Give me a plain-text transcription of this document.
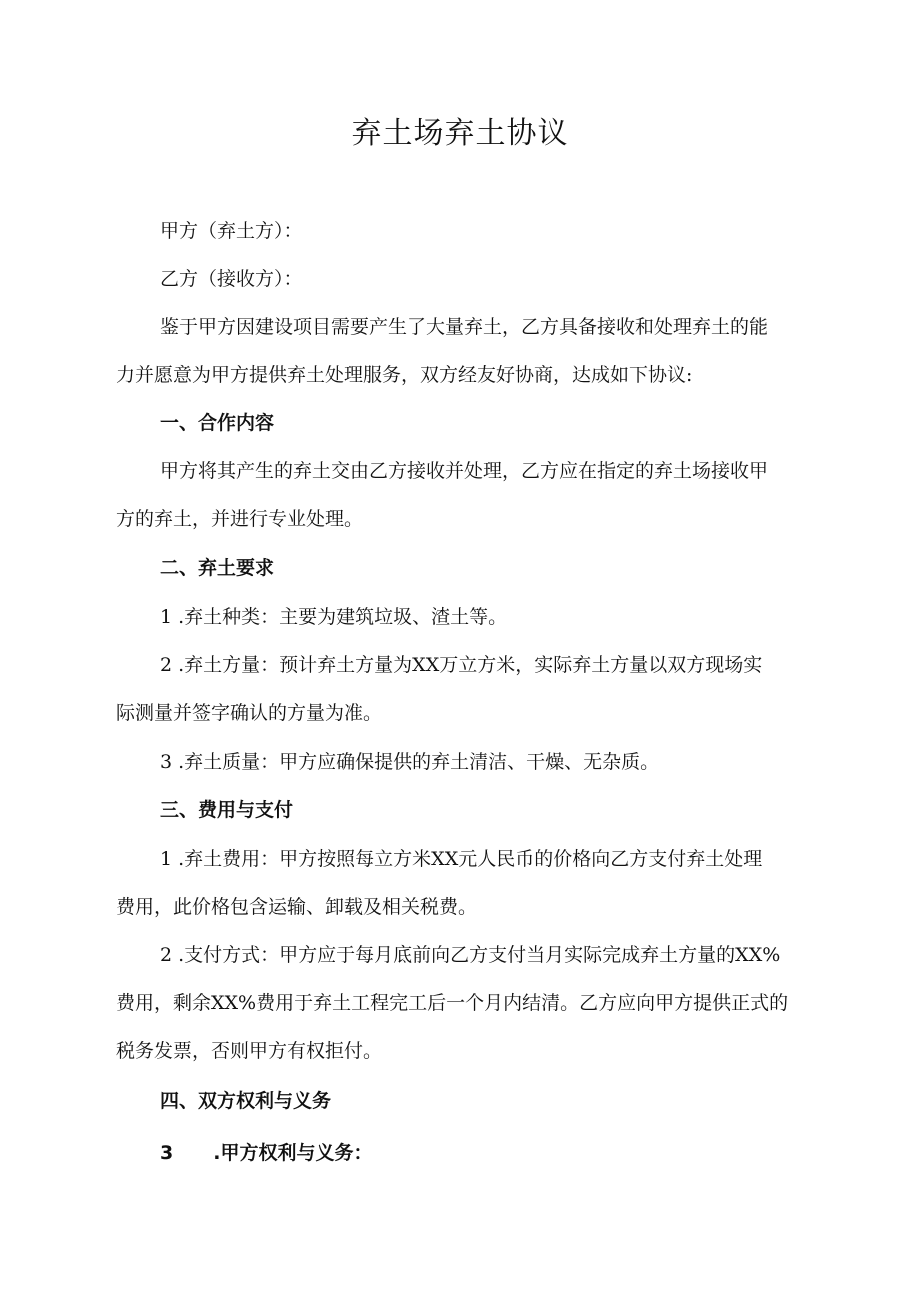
弃土场弃土协议
甲方（弃土方）：
乙方（接收方）：
鉴于甲方因建设项目需要产生了大量弃土，乙方具备接收和处理弃土的能
力并愿意为甲方提供弃土处理服务，双方经友好协商，达成如下协议:
一、合作内容
甲方将其产生的弃土交由乙方接收并处理，乙方应在指定的弃土场接收甲
方的弃土，并进行专业处理。
二、弃土要求
1 .弃土种类：主要为建筑垃圾、渣土等。
2 .弃土方量：预计弃土方量为XX万立方米，实际弃土方量以双方现场实
际测量并签字确认的方量为准。
3 .弃土质量：甲方应确保提供的弃土清洁、干燥、无杂质。
三、费用与支付
1 .弃土费用：甲方按照每立方米XX元人民币的价格向乙方支付弃土处理
费用，此价格包含运输、卸载及相关税费。
2 .支付方式：甲方应于每月底前向乙方支付当月实际完成弃土方量的XX%
费用，剩余XX%费用于弃土工程完工后一个月内结清。乙方应向甲方提供正式的
税务发票，否则甲方有权拒付。
四、双方权利与义务
3 .甲方权利与义务：
